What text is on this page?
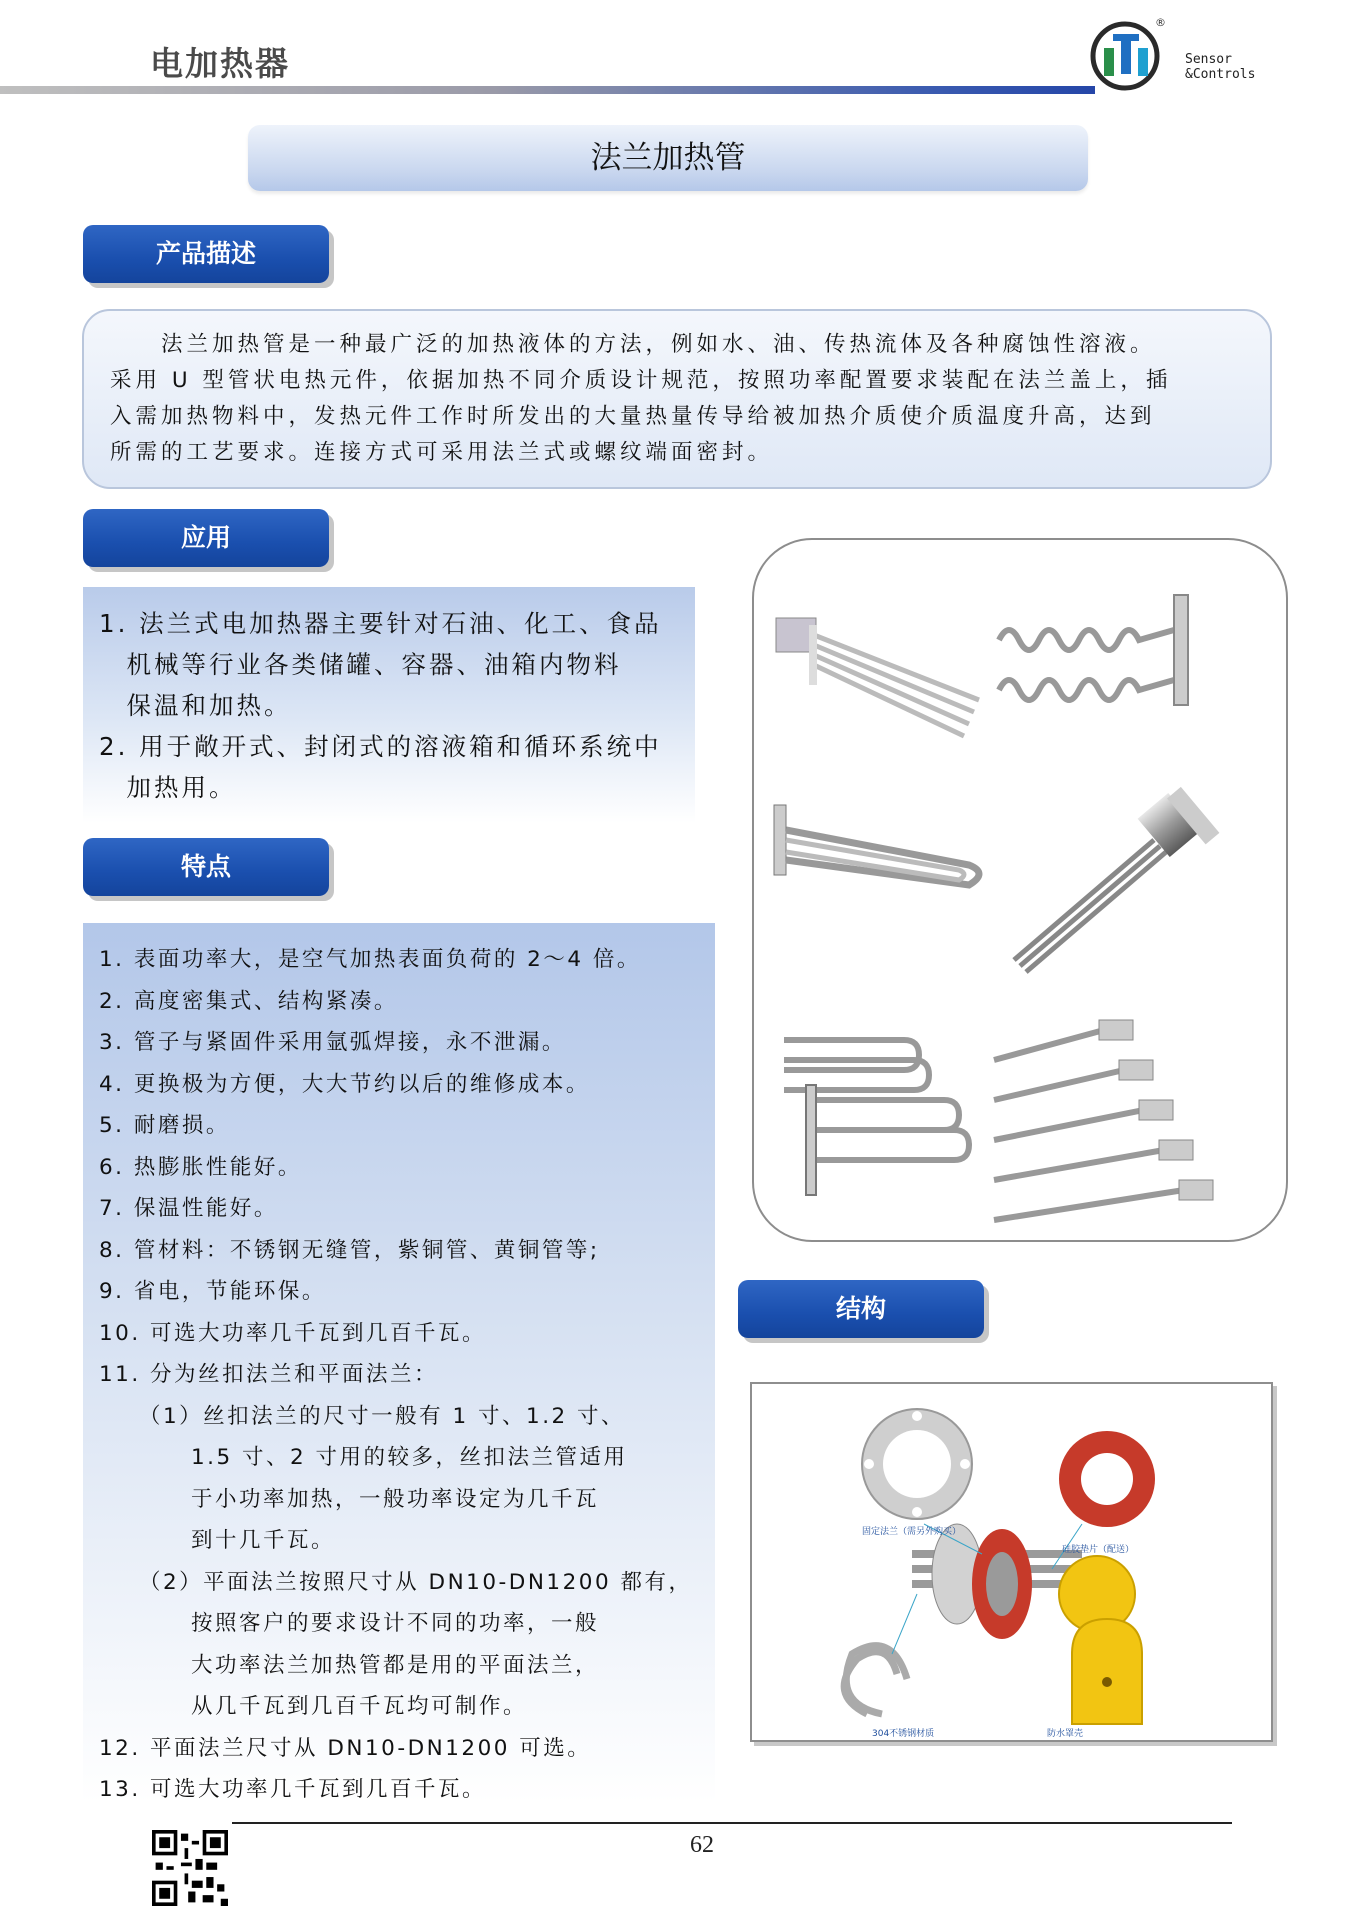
电加热器
®
Sensor
&Controls
法兰加热管
产品描述
　　法兰加热管是一种最广泛的加热液体的方法，例如水、油、传热流体及各种腐蚀性溶液。
采用 U 型管状电热元件，依据加热不同介质设计规范，按照功率配置要求装配在法兰盖上，插
入需加热物料中，发热元件工作时所发出的大量热量传导给被加热介质使介质温度升高，达到
所需的工艺要求。连接方式可采用法兰式或螺纹端面密封。
应用

1. 法兰式电加热器主要针对石油、化工、食品

　机械等行业各类储罐、容器、油箱内物料

　保温和加热。

2. 用于敞开式、封闭式的溶液箱和循环系统中

　加热用。

特点
1. 表面功率大，是空气加热表面负荷的 2～4 倍。
2. 高度密集式、结构紧凑。
3. 管子与紧固件采用氩弧焊接，永不泄漏。
4. 更换极为方便，大大节约以后的维修成本。
5. 耐磨损。
6. 热膨胀性能好。
7. 保温性能好。
8. 管材料：不锈钢无缝管，紫铜管、黄铜管等;
9. 省电，节能环保。
10. 可选大功率几千瓦到几百千瓦。
11. 分为丝扣法兰和平面法兰：
（1）丝扣法兰的尺寸一般有 1 寸、1.2 寸、
1.5 寸、2 寸用的较多，丝扣法兰管适用
于小功率加热，一般功率设定为几千瓦
到十几千瓦。
（2）平面法兰按照尺寸从 DN10-DN1200 都有，
按照客户的要求设计不同的功率，一般
大功率法兰加热管都是用的平面法兰，
从几千瓦到几百千瓦均可制作。
12. 平面法兰尺寸从 DN10-DN1200 可选。
13. 可选大功率几千瓦到几百千瓦。
结构
固定法兰（需另外购买）
硅胶垫片（配送）
304不锈钢材质	防水罩壳
62
